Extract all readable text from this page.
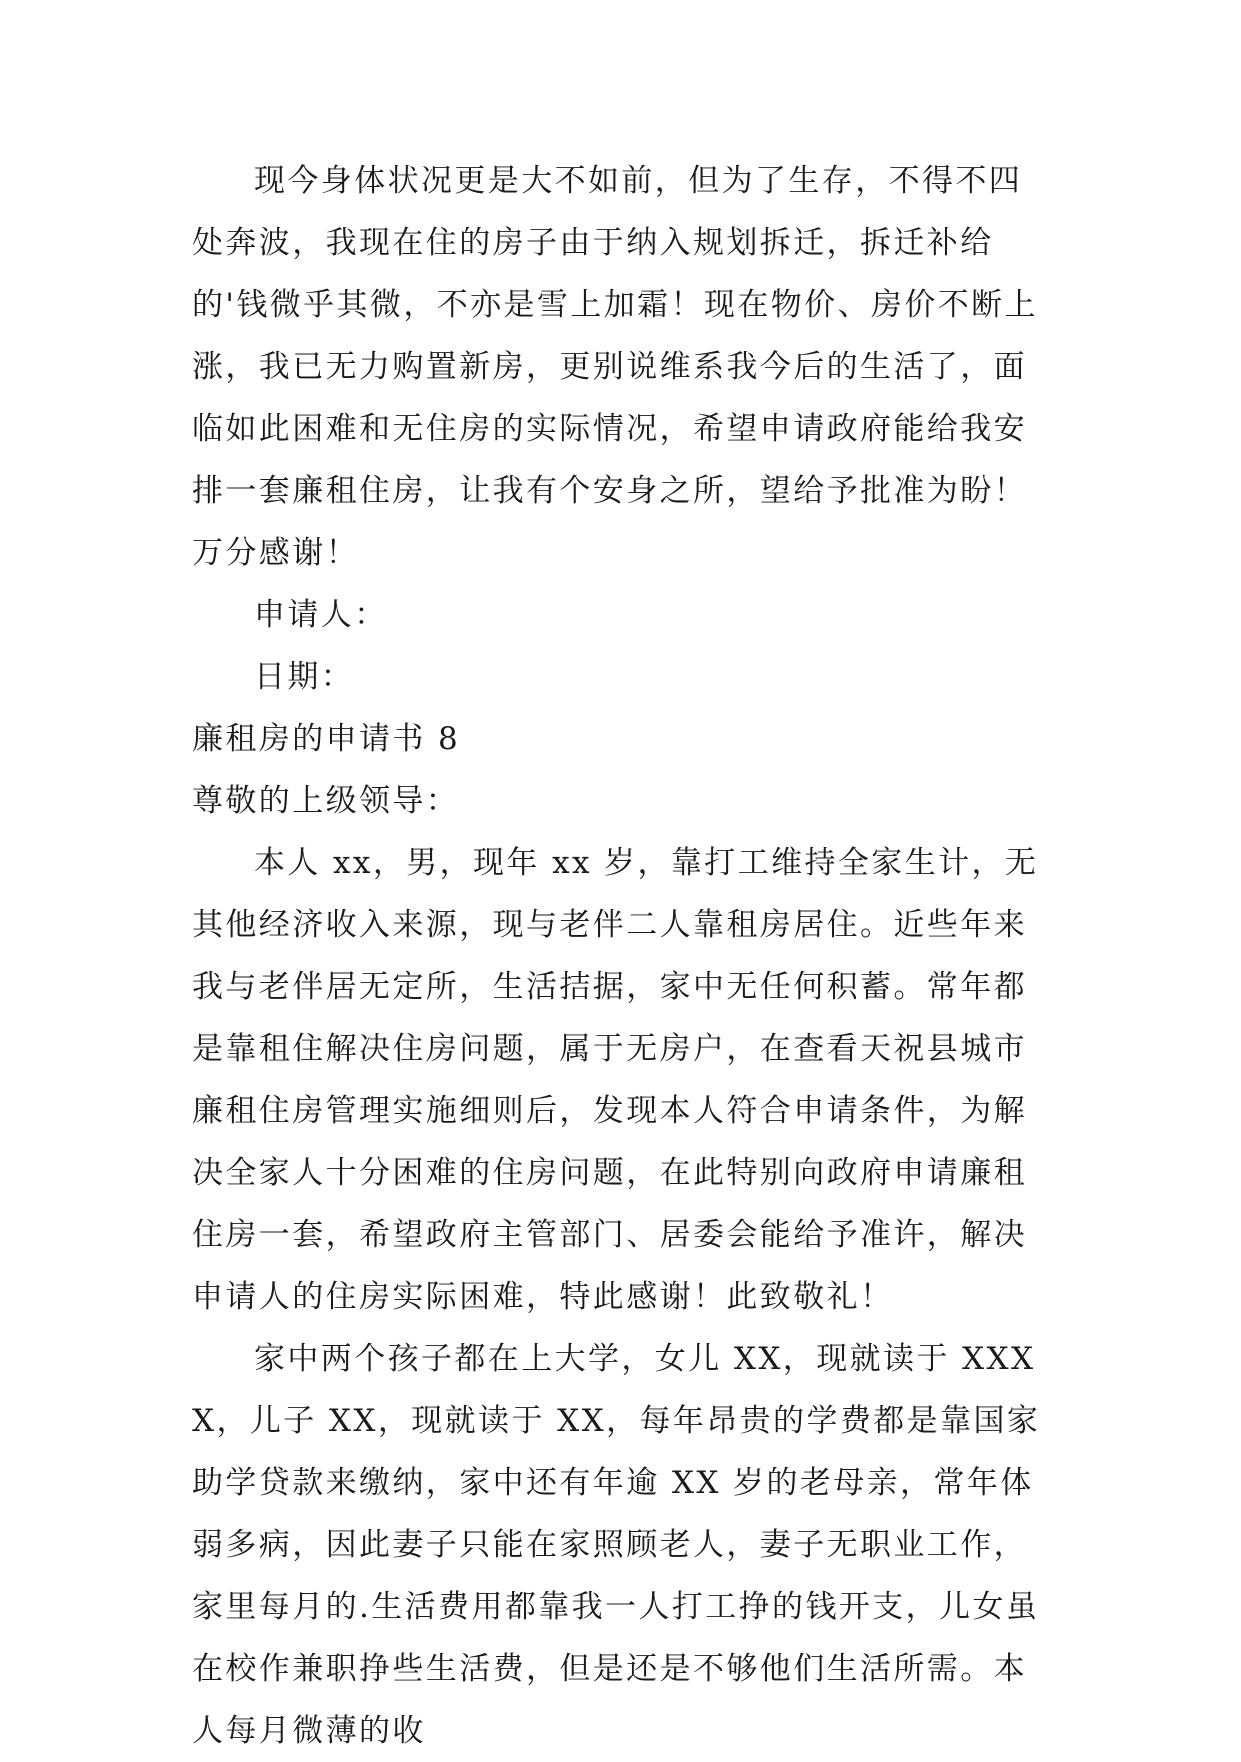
现今身体状况更是大不如前，但为了生存，不得不四处奔波，我现在住的房子由于纳入规划拆迁，拆迁补给的'钱微乎其微，不亦是雪上加霜！现在物价、房价不断上涨，我已无力购置新房，更别说维系我今后的生活了，面临如此困难和无住房的实际情况，希望申请政府能给我安排一套廉租住房，让我有个安身之所，望给予批准为盼！万分感谢！

申请人：

日期：

廉租房的申请书 8

尊敬的上级领导：

本人 xx，男，现年 xx 岁，靠打工维持全家生计，无其他经济收入来源，现与老伴二人靠租房居住。近些年来我与老伴居无定所，生活拮据，家中无任何积蓄。常年都是靠租住解决住房问题，属于无房户，在查看天祝县城市廉租住房管理实施细则后，发现本人符合申请条件，为解决全家人十分困难的住房问题，在此特别向政府申请廉租住房一套，希望政府主管部门、居委会能给予准许，解决申请人的住房实际困难，特此感谢！此致敬礼！

家中两个孩子都在上大学，女儿 XX，现就读于 XXXX，儿子 XX，现就读于 XX，每年昂贵的学费都是靠国家助学贷款来缴纳，家中还有年逾 XX 岁的老母亲，常年体弱多病，因此妻子只能在家照顾老人，妻子无职业工作，家里每月的.生活费用都靠我一人打工挣的钱开支，儿女虽在校作兼职挣些生活费，但是还是不够他们生活所需。本人每月微薄的收
